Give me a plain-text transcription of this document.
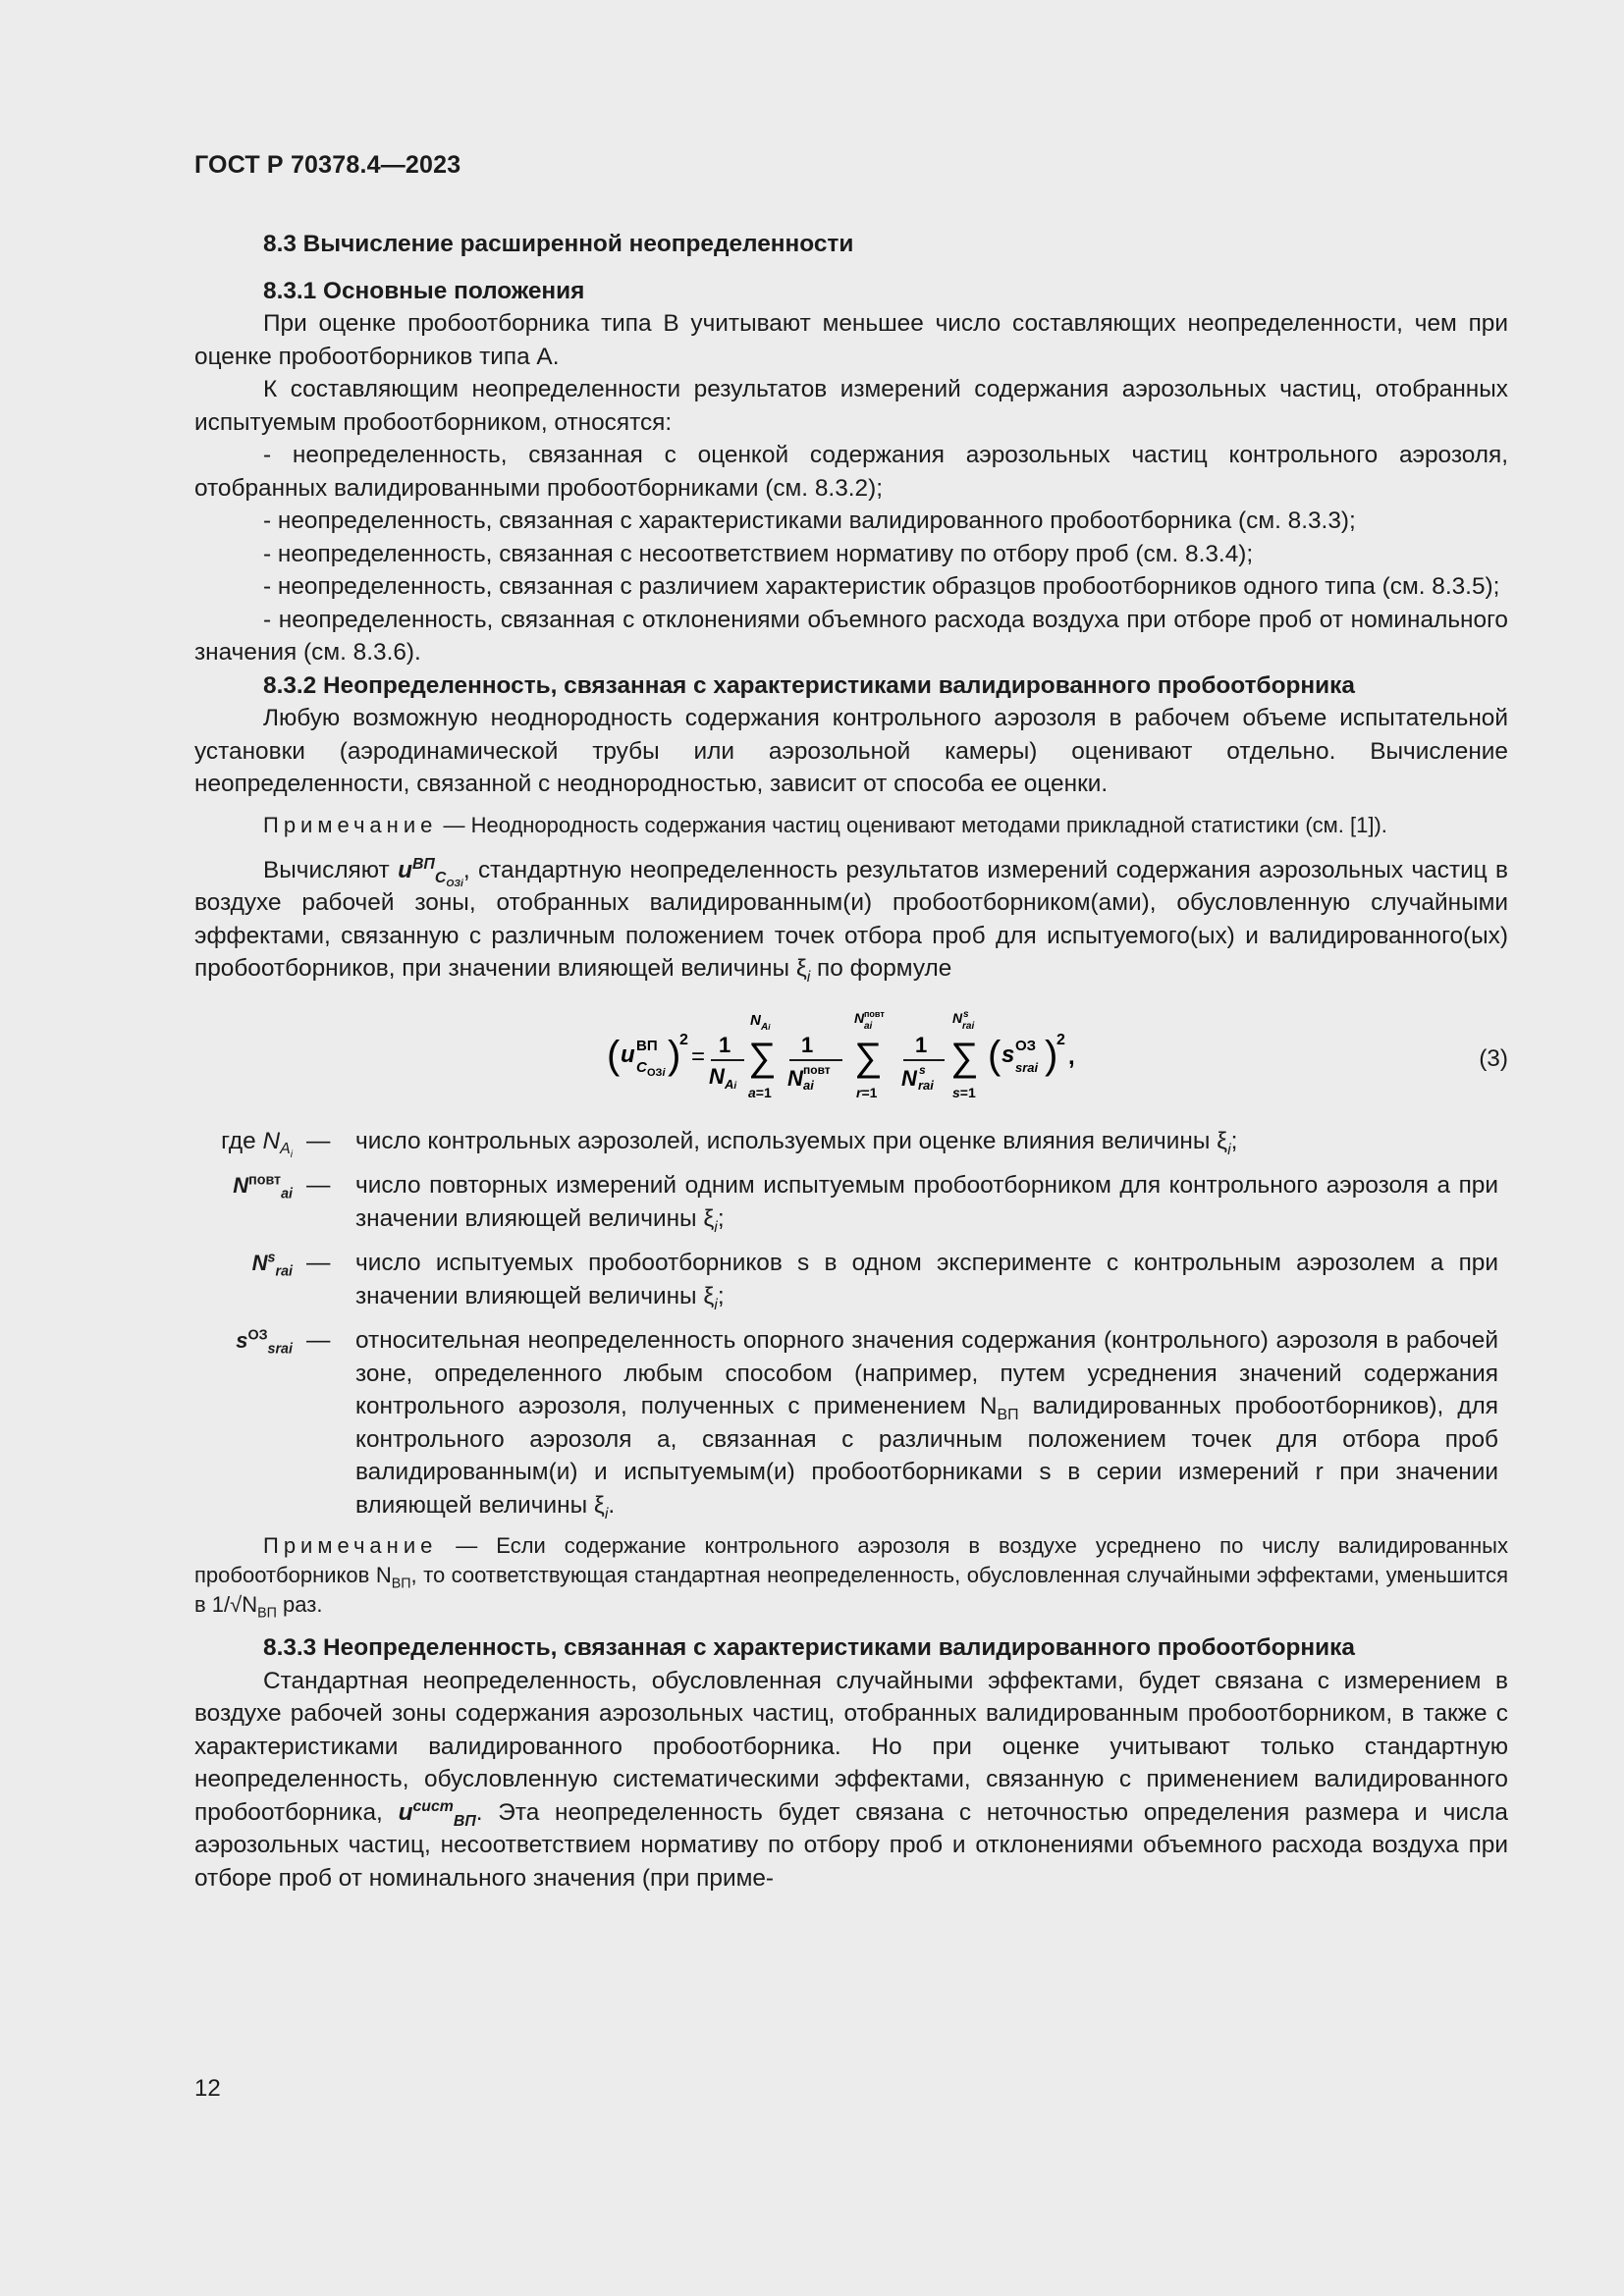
ГОСТ Р 70378.4—2023

8.3 Вычисление расширенной неопределенности

8.3.1 Основные положения

При оценке пробоотборника типа В учитывают меньшее число составляющих неопределенности, чем при оценке пробоотборников типа А.

К составляющим неопределенности результатов измерений содержания аэрозольных частиц, отобранных испытуемым пробоотборником, относятся:

- неопределенность, связанная с оценкой содержания аэрозольных частиц контрольного аэрозоля, отобранных валидированными пробоотборниками (см. 8.3.2);

- неопределенность, связанная с характеристиками валидированного пробоотборника (см. 8.3.3);

- неопределенность, связанная с несоответствием нормативу по отбору проб (см. 8.3.4);

- неопределенность, связанная с различием характеристик образцов пробоотборников одного типа (см. 8.3.5);

- неопределенность, связанная с отклонениями объемного расхода воздуха при отборе проб от номинального значения (см. 8.3.6).

8.3.2 Неопределенность, связанная с характеристиками валидированного пробоотборника

Любую возможную неоднородность содержания контрольного аэрозоля в рабочем объеме испытательной установки (аэродинамической трубы или аэрозольной камеры) оценивают отдельно. Вычисление неопределенности, связанной с неоднородностью, зависит от способа ее оценки.

Примечание — Неоднородность содержания частиц оценивают методами прикладной статистики (см. [1]).

Вычисляют $u^{ВП}_{C_{ОЗi}}$, стандартную неопределенность результатов измерений содержания аэрозольных частиц в воздухе рабочей зоны, отобранных валидированным(и) пробоотборником(ами), обусловленную случайными эффектами, связанную с различным положением точек отбора проб для испытуемого(ых) и валидированного(ых) пробоотборников, при значении влияющей величины $\xi_i$ по формуле

( u ВП
C ОЗi )
2
= 1
N Ai
N Ai
∑
a=1
1
N повт
ai
N повт
ai
∑
r=1
1
N s
rai
N s
rai
∑
s=1
( s ОЗ
srai )
2
,	(3)
где $N_{A_i}$
—	число контрольных аэрозолей, используемых при оценке влияния величины $\xi_i$;
$N^{повт}_{ai}$ —	число повторных измерений одним испытуемым пробоотборником для контрольного аэрозоля a при значении влияющей величины $\xi_i$;
$N^s_{rai}$ —	число испытуемых пробоотборников s в одном эксперименте с контрольным аэрозолем a при значении влияющей величины $\xi_i$;
$s^{ОЗ}_{srai}$ —	относительная неопределенность опорного значения содержания (контрольного) аэрозоля в рабочей зоне, определенного любым способом (например, путем усреднения значений содержания контрольного аэрозоля, полученных с применением $N_{ВП}$ валидированных пробоотборников), для контрольного аэрозоля a, связанная с различным положением точек для отбора проб валидированным(и) и испытуемым(и) пробоотборниками s в серии измерений r при значении влияющей величины $\xi_i$.

Примечание — Если содержание контрольного аэрозоля в воздухе усреднено по числу валидированных пробоотборников $N_{ВП}$, то соответствующая стандартная неопределенность, обусловленная случайными эффектами, уменьшится в $1/√N_{ВП}$ раз.

8.3.3 Неопределенность, связанная с характеристиками валидированного пробоотборника

Стандартная неопределенность, обусловленная случайными эффектами, будет связана с измерением в воздухе рабочей зоны содержания аэрозольных частиц, отобранных валидированным пробоотборником, в также с характеристиками валидированного пробоотборника. Но при оценке учитывают только стандартную неопределенность, обусловленную систематическими эффектами, связанную с применением валидированного пробоотборника, $u^{сист}_{ВП}$. Эта неопределенность будет связана с неточностью определения размера и числа аэрозольных частиц, несоответствием нормативу по отбору проб и отклонениями объемного расхода воздуха при отборе проб от номинального значения (при приме-

12
